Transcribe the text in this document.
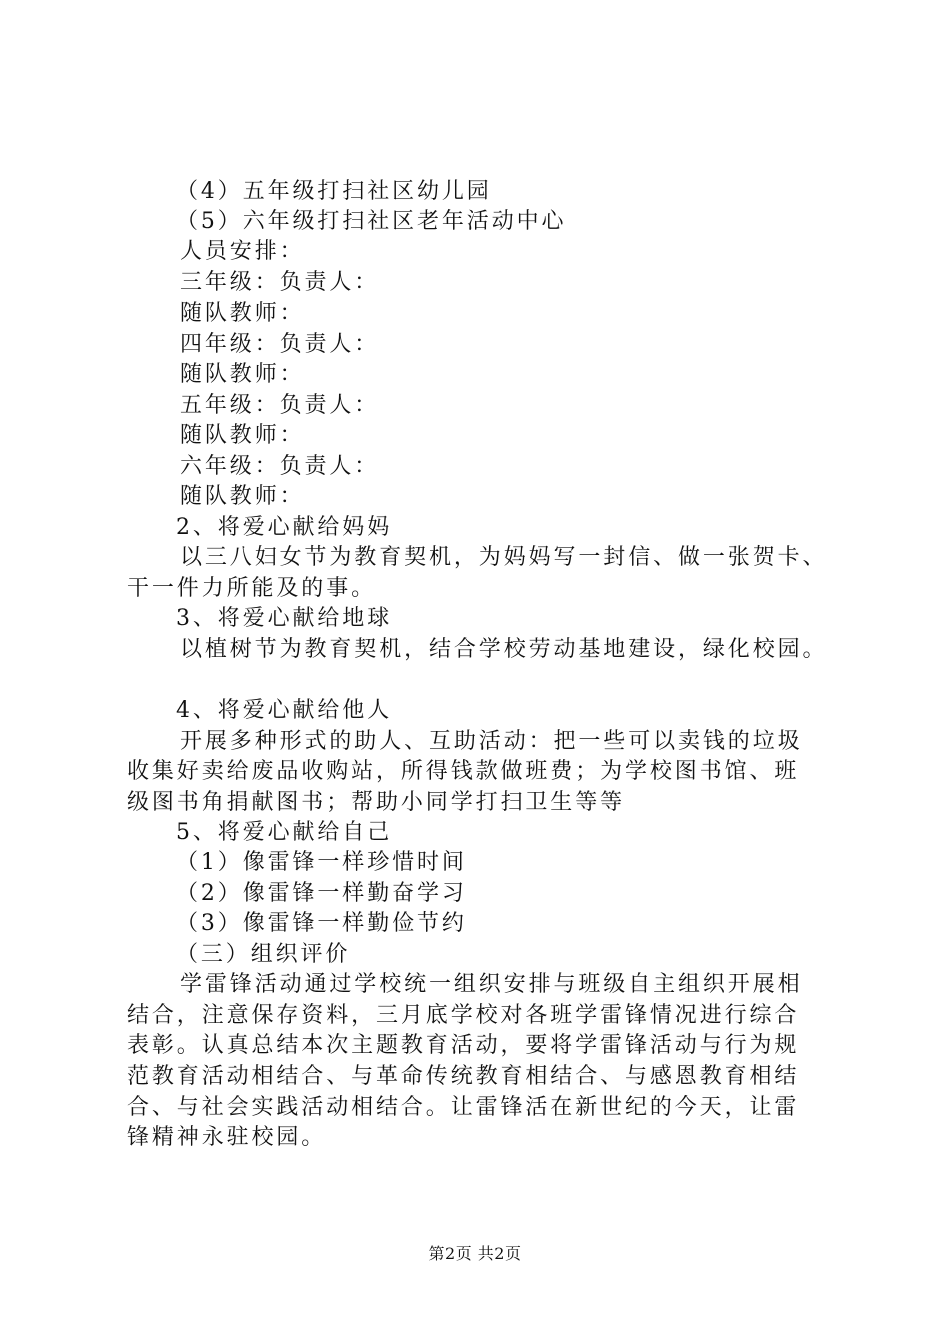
（4）五年级打扫社区幼儿园
（5）六年级打扫社区老年活动中心
人员安排：
三年级：负责人：
随队教师：
四年级：负责人：
随队教师：
五年级：负责人：
随队教师：
六年级：负责人：
随队教师：
2、将爱心献给妈妈
以三八妇女节为教育契机，为妈妈写一封信、做一张贺卡、
干一件力所能及的事。
3、将爱心献给地球
以植树节为教育契机，结合学校劳动基地建设，绿化校园。
4、将爱心献给他人
开展多种形式的助人、互助活动：把一些可以卖钱的垃圾
收集好卖给废品收购站，所得钱款做班费；为学校图书馆、班
级图书角捐献图书；帮助小同学打扫卫生等等
5、将爱心献给自己
（1）像雷锋一样珍惜时间
（2）像雷锋一样勤奋学习
（3）像雷锋一样勤俭节约
（三）组织评价
学雷锋活动通过学校统一组织安排与班级自主组织开展相
结合，注意保存资料，三月底学校对各班学雷锋情况进行综合
表彰。认真总结本次主题教育活动，要将学雷锋活动与行为规
范教育活动相结合、与革命传统教育相结合、与感恩教育相结
合、与社会实践活动相结合。让雷锋活在新世纪的今天，让雷
锋精神永驻校园。
第2页 共2页
